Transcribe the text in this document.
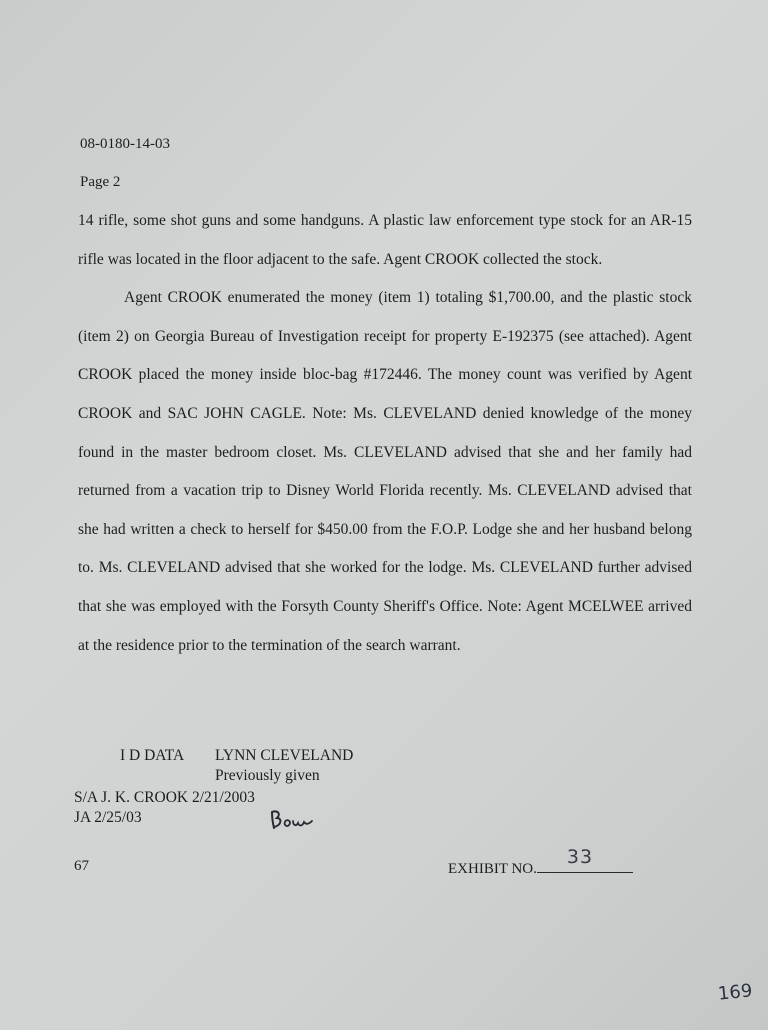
08-0180-14-03
Page 2

14 rifle, some shot guns and some handguns. A plastic law enforcement type stock for an AR-15 rifle was located in the floor adjacent to the safe. Agent CROOK collected the stock.

Agent CROOK enumerated the money (item 1) totaling $1,700.00, and the plastic stock (item 2) on Georgia Bureau of Investigation receipt for property E-192375 (see attached). Agent CROOK placed the money inside bloc-bag #172446. The money count was verified by Agent CROOK and SAC JOHN CAGLE. Note: Ms. CLEVELAND denied knowledge of the money found in the master bedroom closet. Ms. CLEVELAND advised that she and her family had returned from a vacation trip to Disney World Florida recently. Ms. CLEVELAND advised that she had written a check to herself for $450.00 from the F.O.P. Lodge she and her husband belong to. Ms. CLEVELAND advised that she worked for the lodge. Ms. CLEVELAND further advised that she was employed with the Forsyth County Sheriff's Office. Note: Agent MCELWEE arrived at the residence prior to the termination of the search warrant.

I D DATA LYNN CLEVELAND
Previously given
S/A J. K. CROOK 2/21/2003
JA 2/25/03
67	EXHIBIT NO.
33
169
